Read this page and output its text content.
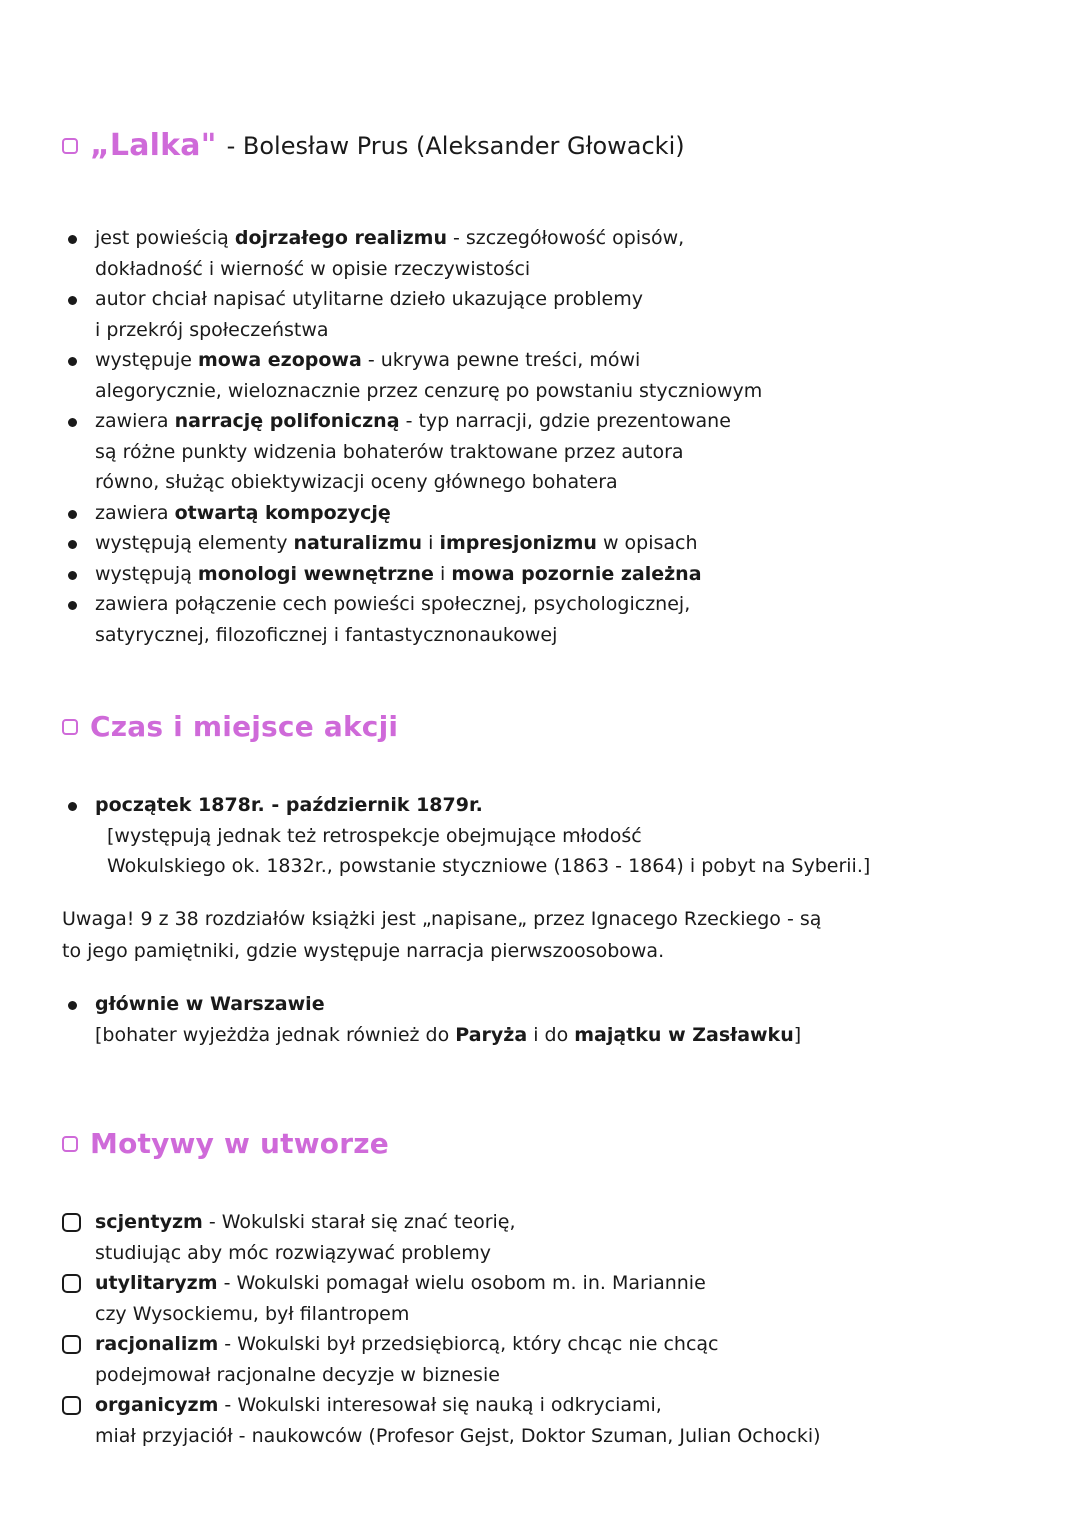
„Lalka" - Bolesław Prus (Aleksander Głowacki)
jest powieścią dojrzałego realizmu - szczegółowość opisów,
dokładność i wierność w opisie rzeczywistości
autor chciał napisać utylitarne dzieło ukazujące problemy
i przekrój społeczeństwa
występuje mowa ezopowa - ukrywa pewne treści, mówi
alegorycznie, wieloznacznie przez cenzurę po powstaniu styczniowym
zawiera narrację polifoniczną - typ narracji, gdzie prezentowane
są różne punkty widzenia bohaterów traktowane przez autora
równo, służąc obiektywizacji oceny głównego bohatera
zawiera otwartą kompozycję
występują elementy naturalizmu i impresjonizmu w opisach
występują monologi wewnętrzne i mowa pozornie zależna
zawiera połączenie cech powieści społecznej, psychologicznej,
satyrycznej, filozoficznej i fantastycznonaukowej
Czas i miejsce akcji
początek 1878r. - październik 1879r.
[występują jednak też retrospekcje obejmujące młodość
Wokulskiego ok. 1832r., powstanie styczniowe (1863 - 1864) i pobyt na Syberii.]
Uwaga! 9 z 38 rozdziałów książki jest „napisane„ przez Ignacego Rzeckiego - są
to jego pamiętniki, gdzie występuje narracja pierwszoosobowa.
głównie w Warszawie
[bohater wyjeżdża jednak również do Paryża i do majątku w Zasławku]
Motywy w utworze
scjentyzm - Wokulski starał się znać teorię,
studiując aby móc rozwiązywać problemy
utylitaryzm - Wokulski pomagał wielu osobom m. in. Mariannie
czy Wysockiemu, był filantropem
racjonalizm - Wokulski był przedsiębiorcą, który chcąc nie chcąc
podejmował racjonalne decyzje w biznesie
organicyzm - Wokulski interesował się nauką i odkryciami,
miał przyjaciół - naukowców (Profesor Gejst, Doktor Szuman, Julian Ochocki)
